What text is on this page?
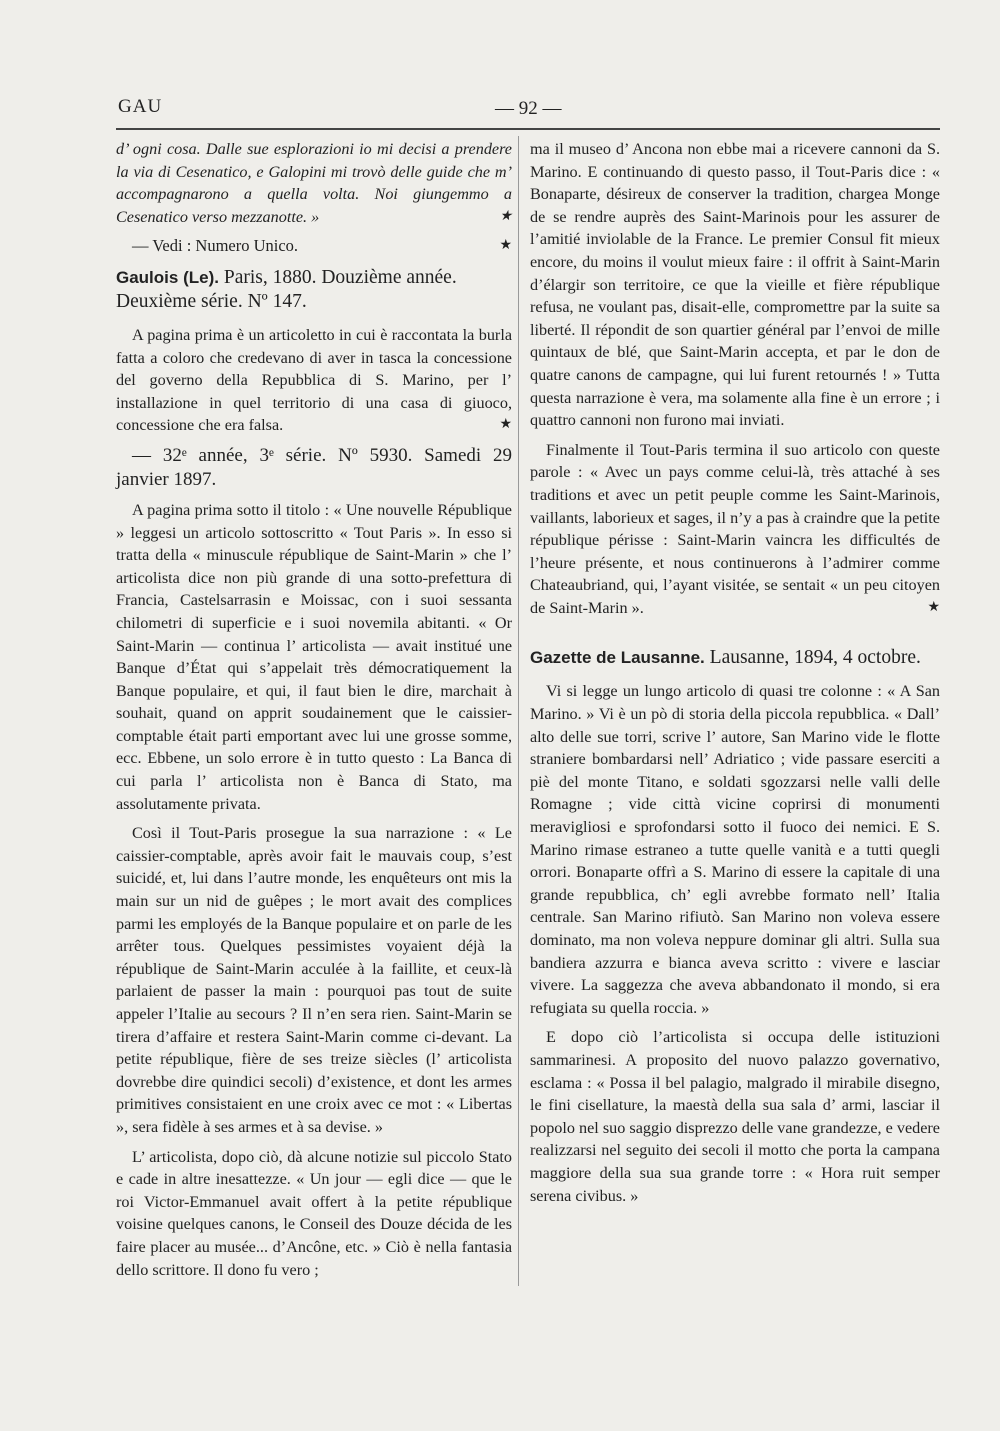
GAU	— 92 —

d’ ogni cosa. Dalle sue esplorazioni io mi decisi a prendere la via di Cesenatico, e Galopini mi trovò delle guide che m’ accompagnarono a quella volta. Noi giungemmo a Cesenatico verso mezzanotte. »	★

— Vedi : Numero Unico.	★

Gaulois (Le). Paris, 1880. Douzième année. Deuxième série. Nº 147.

A pagina prima è un articoletto in cui è raccontata la burla fatta a coloro che credevano di aver in tasca la concessione del governo della Repubblica di S. Marino, per l’ installazione in quel territorio di una casa di giuoco, concessione che era falsa.	★

— 32ᵉ année, 3ᵉ série. Nº 5930. Samedi 29 janvier 1897.

A pagina prima sotto il titolo : « Une nouvelle République » leggesi un articolo sottoscritto « Tout Paris ». In esso si tratta della « minuscule république de Saint-Marin » che l’ articolista dice non più grande di una sotto-prefettura di Francia, Castelsarrasin e Moissac, con i suoi sessanta chilometri di superficie e i suoi novemila abitanti. « Or Saint-Marin — continua l’ articolista — avait institué une Banque d’État qui s’appelait très démocratiquement la Banque populaire, et qui, il faut bien le dire, marchait à souhait, quand on apprit soudainement que le caissier-comptable était parti emportant avec lui une grosse somme, ecc. Ebbene, un solo errore è in tutto questo : La Banca di cui parla l’ articolista non è Banca di Stato, ma assolutamente privata.

Così il Tout-Paris prosegue la sua narrazione : « Le caissier-comptable, après avoir fait le mauvais coup, s’est suicidé, et, lui dans l’autre monde, les enquêteurs ont mis la main sur un nid de guêpes ; le mort avait des complices parmi les employés de la Banque populaire et on parle de les arrêter tous. Quelques pessimistes voyaient déjà la république de Saint-Marin acculée à la faillite, et ceux-là parlaient de passer la main : pourquoi pas tout de suite appeler l’Italie au secours ? Il n’en sera rien. Saint-Marin se tirera d’affaire et restera Saint-Marin comme ci-devant. La petite république, fière de ses treize siècles (l’ articolista dovrebbe dire quindici secoli) d’existence, et dont les armes primitives consistaient en une croix avec ce mot : « Libertas », sera fidèle à ses armes et à sa devise. »

L’ articolista, dopo ciò, dà alcune notizie sul piccolo Stato e cade in altre inesattezze. « Un jour — egli dice — que le roi Victor-Emmanuel avait offert à la petite république voisine quelques canons, le Conseil des Douze décida de les faire placer au musée... d’Ancône, etc. » Ciò è nella fantasia dello scrittore. Il dono fu vero ;

ma il museo d’ Ancona non ebbe mai a ricevere cannoni da S. Marino. E continuando di questo passo, il Tout-Paris dice : « Bonaparte, désireux de conserver la tradition, chargea Monge de se rendre auprès des Saint-Marinois pour les assurer de l’amitié inviolable de la France. Le premier Consul fit mieux encore, du moins il voulut mieux faire : il offrit à Saint-Marin d’élargir son territoire, ce que la vieille et fière république refusa, ne voulant pas, disait-elle, compromettre par la suite sa liberté. Il répondit de son quartier général par l’envoi de mille quintaux de blé, que Saint-Marin accepta, et par le don de quatre canons de campagne, qui lui furent retournés ! » Tutta questa narrazione è vera, ma solamente alla fine è un errore ; i quattro cannoni non furono mai inviati.

Finalmente il Tout-Paris termina il suo articolo con queste parole : « Avec un pays comme celui-là, très attaché à ses traditions et avec un petit peuple comme les Saint-Marinois, vaillants, laborieux et sages, il n’y a pas à craindre que la petite république périsse : Saint-Marin vaincra les difficultés de l’heure présente, et nous continuerons à l’admirer comme Chateaubriand, qui, l’ayant visitée, se sentait « un peu citoyen de Saint-Marin ».	★

Gazette de Lausanne. Lausanne, 1894, 4 octobre.

Vi si legge un lungo articolo di quasi tre colonne : « A San Marino. » Vi è un pò di storia della piccola repubblica. « Dall’ alto delle sue torri, scrive l’ autore, San Marino vide le flotte straniere bombardarsi nell’ Adriatico ; vide passare eserciti a piè del monte Titano, e soldati sgozzarsi nelle valli delle Romagne ; vide città vicine coprirsi di monumenti meravigliosi e sprofondarsi sotto il fuoco dei nemici. E S. Marino rimase estraneo a tutte quelle vanità e a tutti quegli orrori. Bonaparte offrì a S. Marino di essere la capitale di una grande repubblica, ch’ egli avrebbe formato nell’ Italia centrale. San Marino rifiutò. San Marino non voleva essere dominato, ma non voleva neppure dominar gli altri. Sulla sua bandiera azzurra e bianca aveva scritto : vivere e lasciar vivere. La saggezza che aveva abbandonato il mondo, si era refugiata su quella roccia. »

E dopo ciò l’articolista si occupa delle istituzioni sammarinesi. A proposito del nuovo palazzo governativo, esclama : « Possa il bel palagio, malgrado il mirabile disegno, le fini cisellature, la maestà della sua sala d’ armi, lasciar il popolo nel suo saggio disprezzo delle vane grandezze, e vedere realizzarsi nel seguito dei secoli il motto che porta la campana maggiore della sua sua grande torre : « Hora ruit semper serena civibus. »
